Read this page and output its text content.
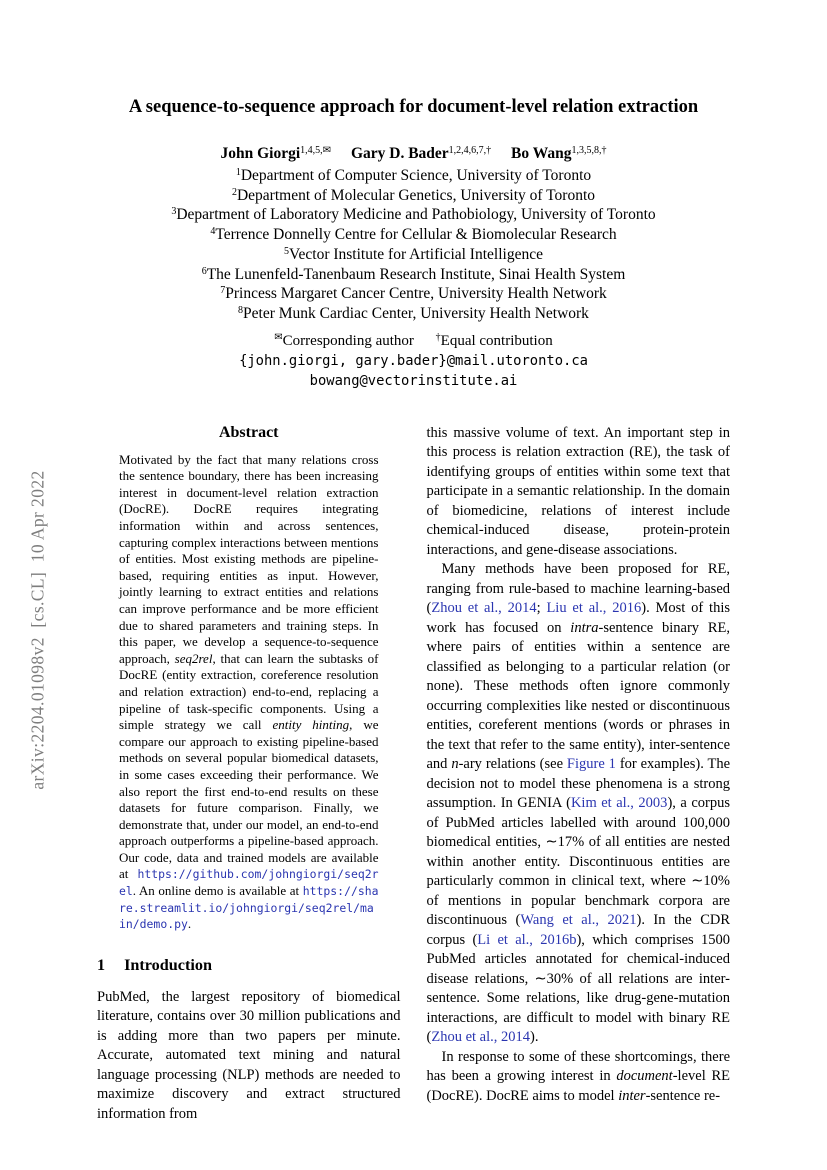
arXiv:2204.01098v2  [cs.CL]  10 Apr 2022
A sequence-to-sequence approach for document-level relation extraction
John Giorgi$^{1,4,5,✉}$ Gary D. Bader$^{1,2,4,6,7,\dagger}$ Bo Wang$^{1,3,5,8,\dagger}$
$^1$Department of Computer Science, University of Toronto
$^2$Department of Molecular Genetics, University of Toronto
$^3$Department of Laboratory Medicine and Pathobiology, University of Toronto
$^4$Terrence Donnelly Centre for Cellular & Biomolecular Research
$^5$Vector Institute for Artificial Intelligence
$^6$The Lunenfeld-Tanenbaum Research Institute, Sinai Health System
$^7$Princess Margaret Cancer Centre, University Health Network
$^8$Peter Munk Cardiac Center, University Health Network
✉Corresponding author †Equal contribution
{john.giorgi, gary.bader}@mail.utoronto.ca
bowang@vectorinstitute.ai
Abstract

Motivated by the fact that many relations cross the sentence boundary, there has been increasing interest in document-level relation extraction (DocRE). DocRE requires integrating information within and across sentences, capturing complex interactions between mentions of entities. Most existing methods are pipeline-based, requiring entities as input. However, jointly learning to extract entities and relations can improve performance and be more efficient due to shared parameters and training steps. In this paper, we develop a sequence-to-sequence approach, seq2rel, that can learn the subtasks of DocRE (entity extraction, coreference resolution and relation extraction) end-to-end, replacing a pipeline of task-specific components. Using a simple strategy we call entity hinting, we compare our approach to existing pipeline-based methods on several popular biomedical datasets, in some cases exceeding their performance. We also report the first end-to-end results on these datasets for future comparison. Finally, we demonstrate that, under our model, an end-to-end approach outperforms a pipeline-based approach. Our code, data and trained models are available at https://github.com/johngiorgi/seq2rel. An online demo is available at https://share.streamlit.io/johngiorgi/seq2rel/main/demo.py.

1 Introduction

PubMed, the largest repository of biomedical literature, contains over 30 million publications and is adding more than two papers per minute. Accurate, automated text mining and natural language processing (NLP) methods are needed to maximize discovery and extract structured information from

this massive volume of text. An important step in this process is relation extraction (RE), the task of identifying groups of entities within some text that participate in a semantic relationship. In the domain of biomedicine, relations of interest include chemical-induced disease, protein-protein interactions, and gene-disease associations.

Many methods have been proposed for RE, ranging from rule-based to machine learning-based (Zhou et al., 2014; Liu et al., 2016). Most of this work has focused on intra-sentence binary RE, where pairs of entities within a sentence are classified as belonging to a particular relation (or none). These methods often ignore commonly occurring complexities like nested or discontinuous entities, coreferent mentions (words or phrases in the text that refer to the same entity), inter-sentence and n-ary relations (see Figure 1 for examples). The decision not to model these phenomena is a strong assumption. In GENIA (Kim et al., 2003), a corpus of PubMed articles labelled with around 100,000 biomedical entities, ∼17% of all entities are nested within another entity. Discontinuous entities are particularly common in clinical text, where ∼10% of mentions in popular benchmark corpora are discontinuous (Wang et al., 2021). In the CDR corpus (Li et al., 2016b), which comprises 1500 PubMed articles annotated for chemical-induced disease relations, ∼30% of all relations are inter-sentence. Some relations, like drug-gene-mutation interactions, are difficult to model with binary RE (Zhou et al., 2014).

In response to some of these shortcomings, there has been a growing interest in document-level RE (DocRE). DocRE aims to model inter-sentence re-
